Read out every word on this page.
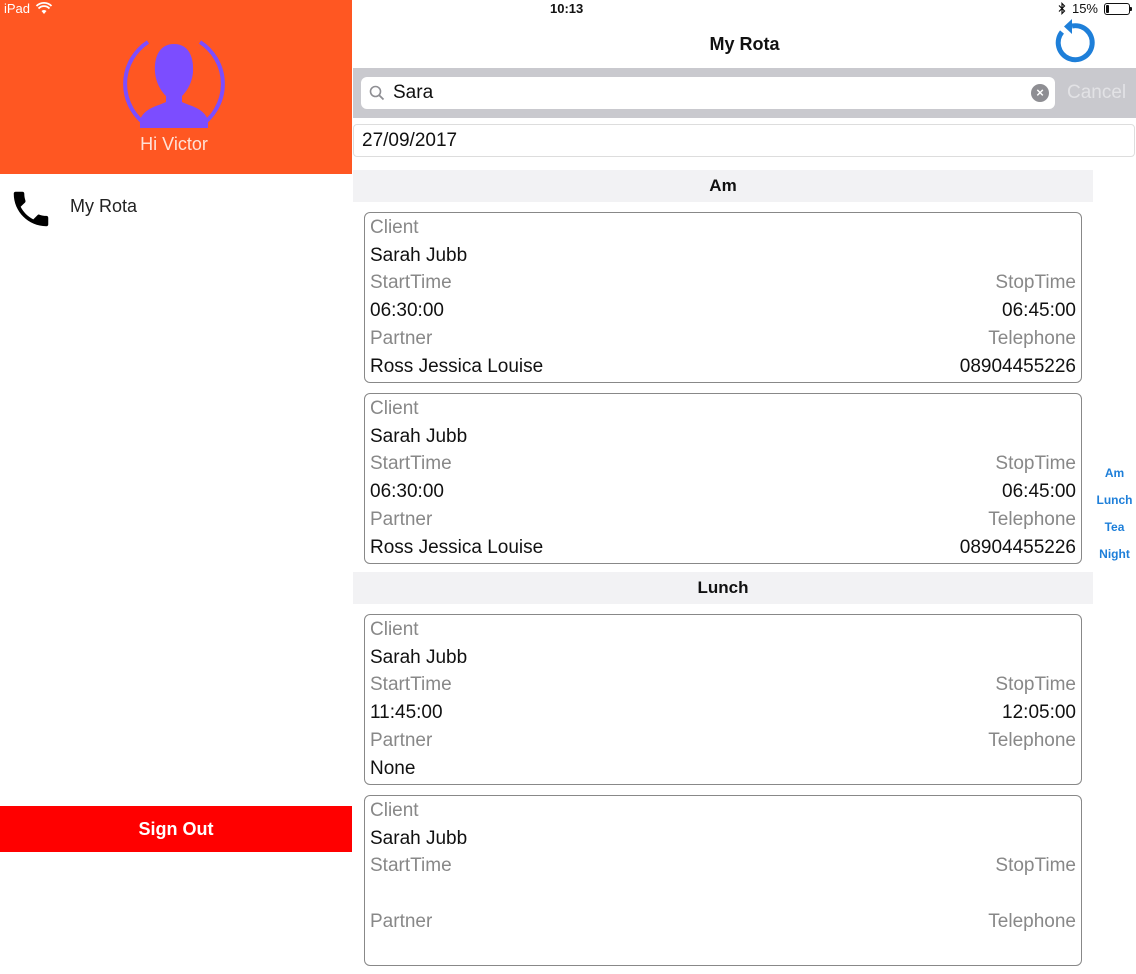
iPad	10:13	15%
Hi Victor
My Rota
Sign Out
My Rota
Sara
× Cancel
27/09/2017
Am
Client
Sarah Jubb
StartTime	StopTime
06:30:00	06:45:00
Partner	Telephone
Ross Jessica Louise	08904455226
Client
Sarah Jubb
StartTime	StopTime
06:30:00	06:45:00
Partner	Telephone
Ross Jessica Louise	08904455226
Lunch
Client
Sarah Jubb
StartTime	StopTime
11:45:00	12:05:00
Partner	Telephone
None
Client
Sarah Jubb
StartTime	StopTime
Partner	Telephone
Am
Lunch
Tea
Night
